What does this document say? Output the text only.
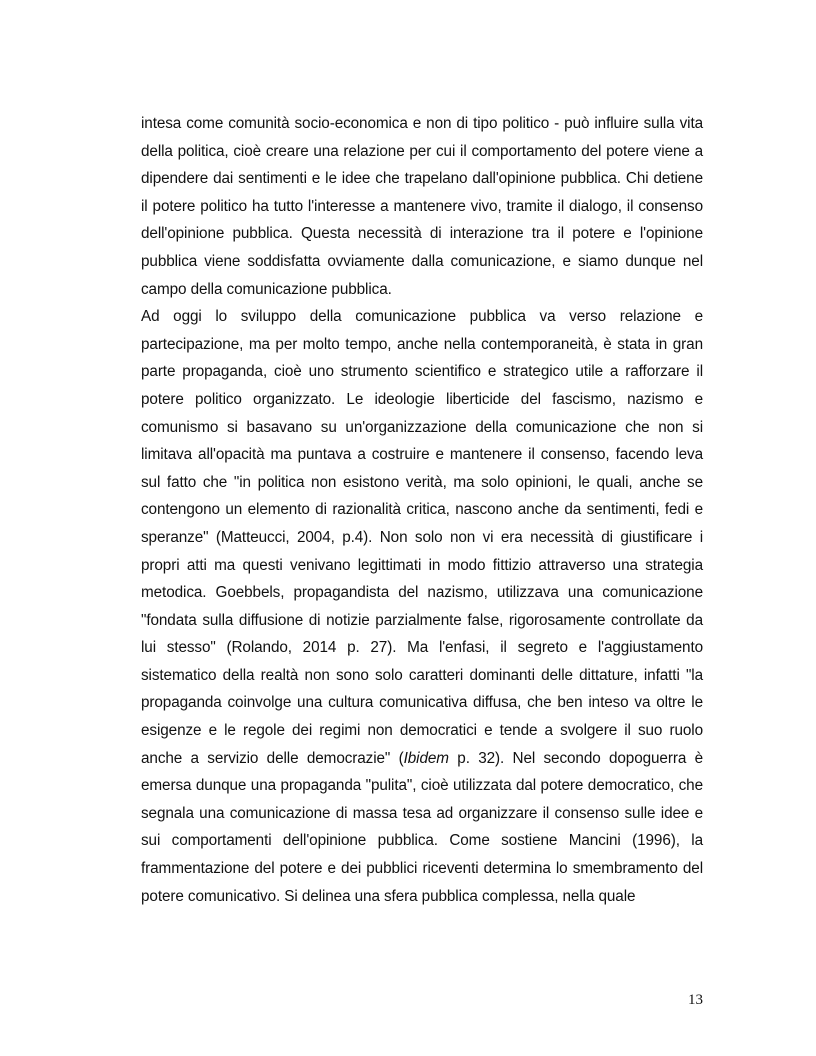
intesa come comunità socio-economica e non di tipo politico - può influire sulla vita della politica, cioè creare una relazione per cui il comportamento del potere viene a dipendere dai sentimenti e le idee che trapelano dall'opinione pubblica. Chi detiene il potere politico ha tutto l'interesse a mantenere vivo, tramite il dialogo, il consenso dell'opinione pubblica. Questa necessità di interazione tra il potere e l'opinione pubblica viene soddisfatta ovviamente dalla comunicazione, e siamo dunque nel campo della comunicazione pubblica.

Ad oggi lo sviluppo della comunicazione pubblica va verso relazione e partecipazione, ma per molto tempo, anche nella contemporaneità, è stata in gran parte propaganda, cioè uno strumento scientifico e strategico utile a rafforzare il potere politico organizzato. Le ideologie liberticide del fascismo, nazismo e comunismo si basavano su un'organizzazione della comunicazione che non si limitava all'opacità ma puntava a costruire e mantenere il consenso, facendo leva sul fatto che "in politica non esistono verità, ma solo opinioni, le quali, anche se contengono un elemento di razionalità critica, nascono anche da sentimenti, fedi e speranze" (Matteucci, 2004, p.4). Non solo non vi era necessità di giustificare i propri atti ma questi venivano legittimati in modo fittizio attraverso una strategia metodica. Goebbels, propagandista del nazismo, utilizzava una comunicazione "fondata sulla diffusione di notizie parzialmente false, rigorosamente controllate da lui stesso" (Rolando, 2014 p. 27). Ma l'enfasi, il segreto e l'aggiustamento sistematico della realtà non sono solo caratteri dominanti delle dittature, infatti "la propaganda coinvolge una cultura comunicativa diffusa, che ben inteso va oltre le esigenze e le regole dei regimi non democratici e tende a svolgere il suo ruolo anche a servizio delle democrazie" (Ibidem p. 32). Nel secondo dopoguerra è emersa dunque una propaganda "pulita", cioè utilizzata dal potere democratico, che segnala una comunicazione di massa tesa ad organizzare il consenso sulle idee e sui comportamenti dell'opinione pubblica. Come sostiene Mancini (1996), la frammentazione del potere e dei pubblici riceventi determina lo smembramento del potere comunicativo. Si delinea una sfera pubblica complessa, nella quale

13
